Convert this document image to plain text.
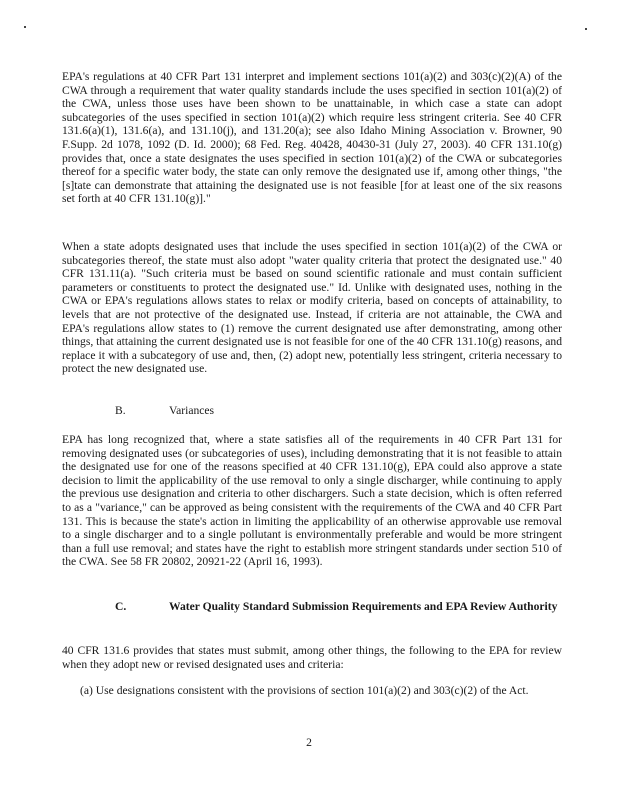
EPA's regulations at 40 CFR Part 131 interpret and implement sections 101(a)(2) and 303(c)(2)(A) of the CWA through a requirement that water quality standards include the uses specified in section 101(a)(2) of the CWA, unless those uses have been shown to be unattainable, in which case a state can adopt subcategories of the uses specified in section 101(a)(2) which require less stringent criteria. See 40 CFR 131.6(a)(1), 131.6(a), and 131.10(j), and 131.20(a); see also Idaho Mining Association v. Browner, 90 F.Supp. 2d 1078, 1092 (D. Id. 2000); 68 Fed. Reg. 40428, 40430-31 (July 27, 2003). 40 CFR 131.10(g) provides that, once a state designates the uses specified in section 101(a)(2) of the CWA or subcategories thereof for a specific water body, the state can only remove the designated use if, among other things, "the [s]tate can demonstrate that attaining the designated use is not feasible [for at least one of the six reasons set forth at 40 CFR 131.10(g)]."

When a state adopts designated uses that include the uses specified in section 101(a)(2) of the CWA or subcategories thereof, the state must also adopt "water quality criteria that protect the designated use." 40 CFR 131.11(a). "Such criteria must be based on sound scientific rationale and must contain sufficient parameters or constituents to protect the designated use." Id. Unlike with designated uses, nothing in the CWA or EPA's regulations allows states to relax or modify criteria, based on concepts of attainability, to levels that are not protective of the designated use. Instead, if criteria are not attainable, the CWA and EPA's regulations allow states to (1) remove the current designated use after demonstrating, among other things, that attaining the current designated use is not feasible for one of the 40 CFR 131.10(g) reasons, and replace it with a subcategory of use and, then, (2) adopt new, potentially less stringent, criteria necessary to protect the new designated use.

B.	Variances

EPA has long recognized that, where a state satisfies all of the requirements in 40 CFR Part 131 for removing designated uses (or subcategories of uses), including demonstrating that it is not feasible to attain the designated use for one of the reasons specified at 40 CFR 131.10(g), EPA could also approve a state decision to limit the applicability of the use removal to only a single discharger, while continuing to apply the previous use designation and criteria to other dischargers. Such a state decision, which is often referred to as a "variance," can be approved as being consistent with the requirements of the CWA and 40 CFR Part 131. This is because the state's action in limiting the applicability of an otherwise approvable use removal to a single discharger and to a single pollutant is environmentally preferable and would be more stringent than a full use removal; and states have the right to establish more stringent standards under section 510 of the CWA. See 58 FR 20802, 20921-22 (April 16, 1993).

C.	Water Quality Standard Submission Requirements and EPA Review Authority

40 CFR 131.6 provides that states must submit, among other things, the following to the EPA for review when they adopt new or revised designated uses and criteria:

(a) Use designations consistent with the provisions of section 101(a)(2) and 303(c)(2) of the Act.

2
